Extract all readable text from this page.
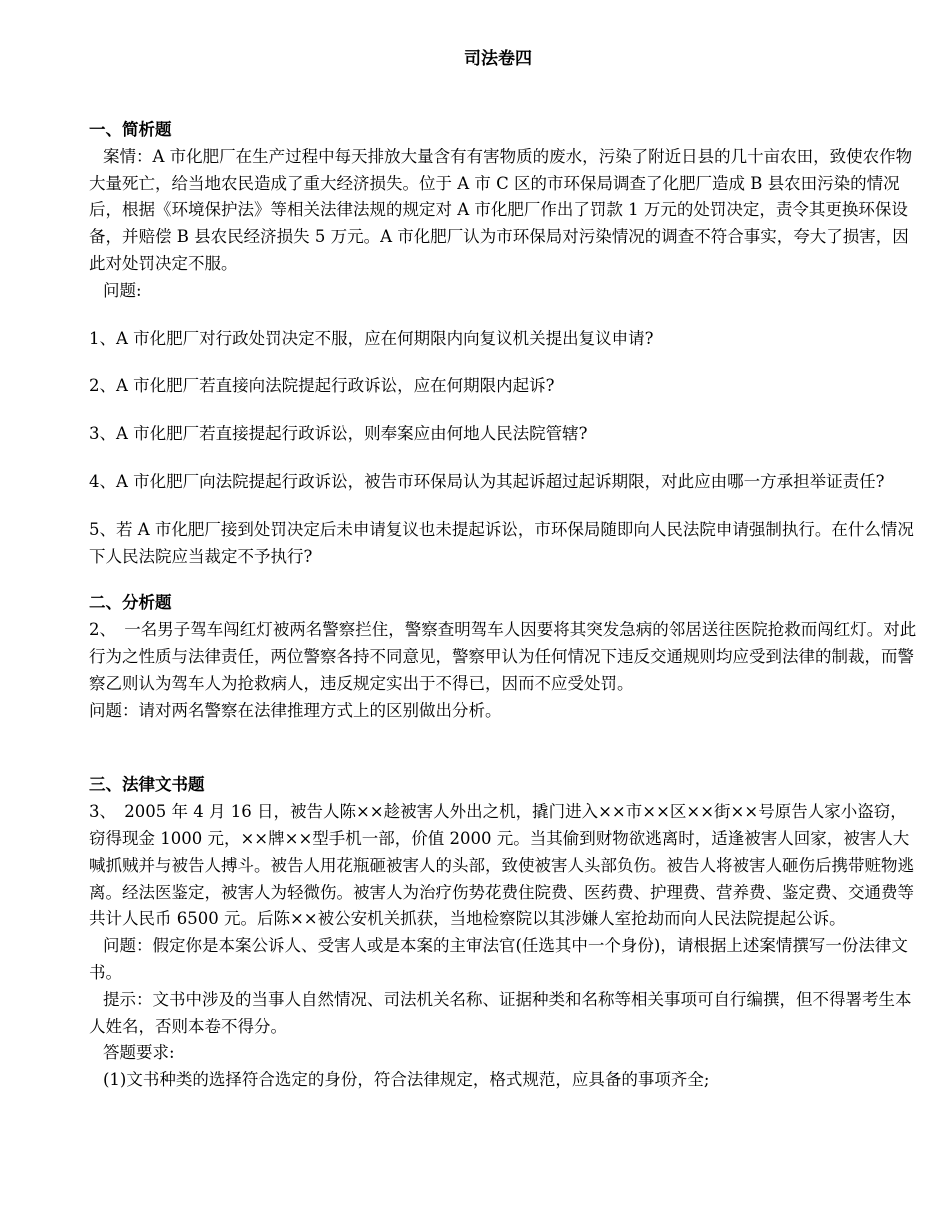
司法卷四

一、简析题

案情：A 市化肥厂在生产过程中每天排放大量含有有害物质的废水，污染了附近日县的几十亩农田，致使农作物大量死亡，给当地农民造成了重大经济损失。位于 A 市 C 区的市环保局调查了化肥厂造成 B 县农田污染的情况后，根据《环境保护法》等相关法律法规的规定对 A 市化肥厂作出了罚款 1 万元的处罚决定，责令其更换环保设备，并赔偿 B 县农民经济损失 5 万元。A 市化肥厂认为市环保局对污染情况的调查不符合事实，夸大了损害，因此对处罚决定不服。

问题:

1、A 市化肥厂对行政处罚决定不服，应在何期限内向复议机关提出复议申请?

2、A 市化肥厂若直接向法院提起行政诉讼，应在何期限内起诉?

3、A 市化肥厂若直接提起行政诉讼，则奉案应由何地人民法院管辖?

4、A 市化肥厂向法院提起行政诉讼，被告市环保局认为其起诉超过起诉期限，对此应由哪一方承担举证责任?

5、若 A 市化肥厂接到处罚决定后未申请复议也未提起诉讼，市环保局随即向人民法院申请强制执行。在什么情况下人民法院应当裁定不予执行?

二、分析题

2、　一名男子驾车闯红灯被两名警察拦住，警察查明驾车人因要将其突发急病的邻居送往医院抢救而闯红灯。对此行为之性质与法律责任，两位警察各持不同意见，警察甲认为任何情况下违反交通规则均应受到法律的制裁，而警察乙则认为驾车人为抢救病人，违反规定实出于不得已，因而不应受处罚。

问题：请对两名警察在法律推理方式上的区别做出分析。

三、法律文书题

3、　2005 年 4 月 16 日，被告人陈××趁被害人外出之机，撬门进入××市××区××街××号原告人家小盗窃，窃得现金 1000 元，××牌××型手机一部，价值 2000 元。当其偷到财物欲逃离时，适逢被害人回家，被害人大喊抓贼并与被告人搏斗。被告人用花瓶砸被害人的头部，致使被害人头部负伤。被告人将被害人砸伤后携带赃物逃离。经法医鉴定，被害人为轻微伤。被害人为治疗伤势花费住院费、医药费、护理费、营养费、鉴定费、交通费等共计人民币 6500 元。后陈××被公安机关抓获，当地检察院以其涉嫌人室抢劫而向人民法院提起公诉。

问题：假定你是本案公诉人、受害人或是本案的主审法官(任选其中一个身份)，请根据上述案情撰写一份法律文书。

提示：文书中涉及的当事人自然情况、司法机关名称、证据种类和名称等相关事项可自行编撰，但不得署考生本人姓名，否则本卷不得分。

答题要求:

(1)文书种类的选择符合选定的身份，符合法律规定，格式规范，应具备的事项齐全;
